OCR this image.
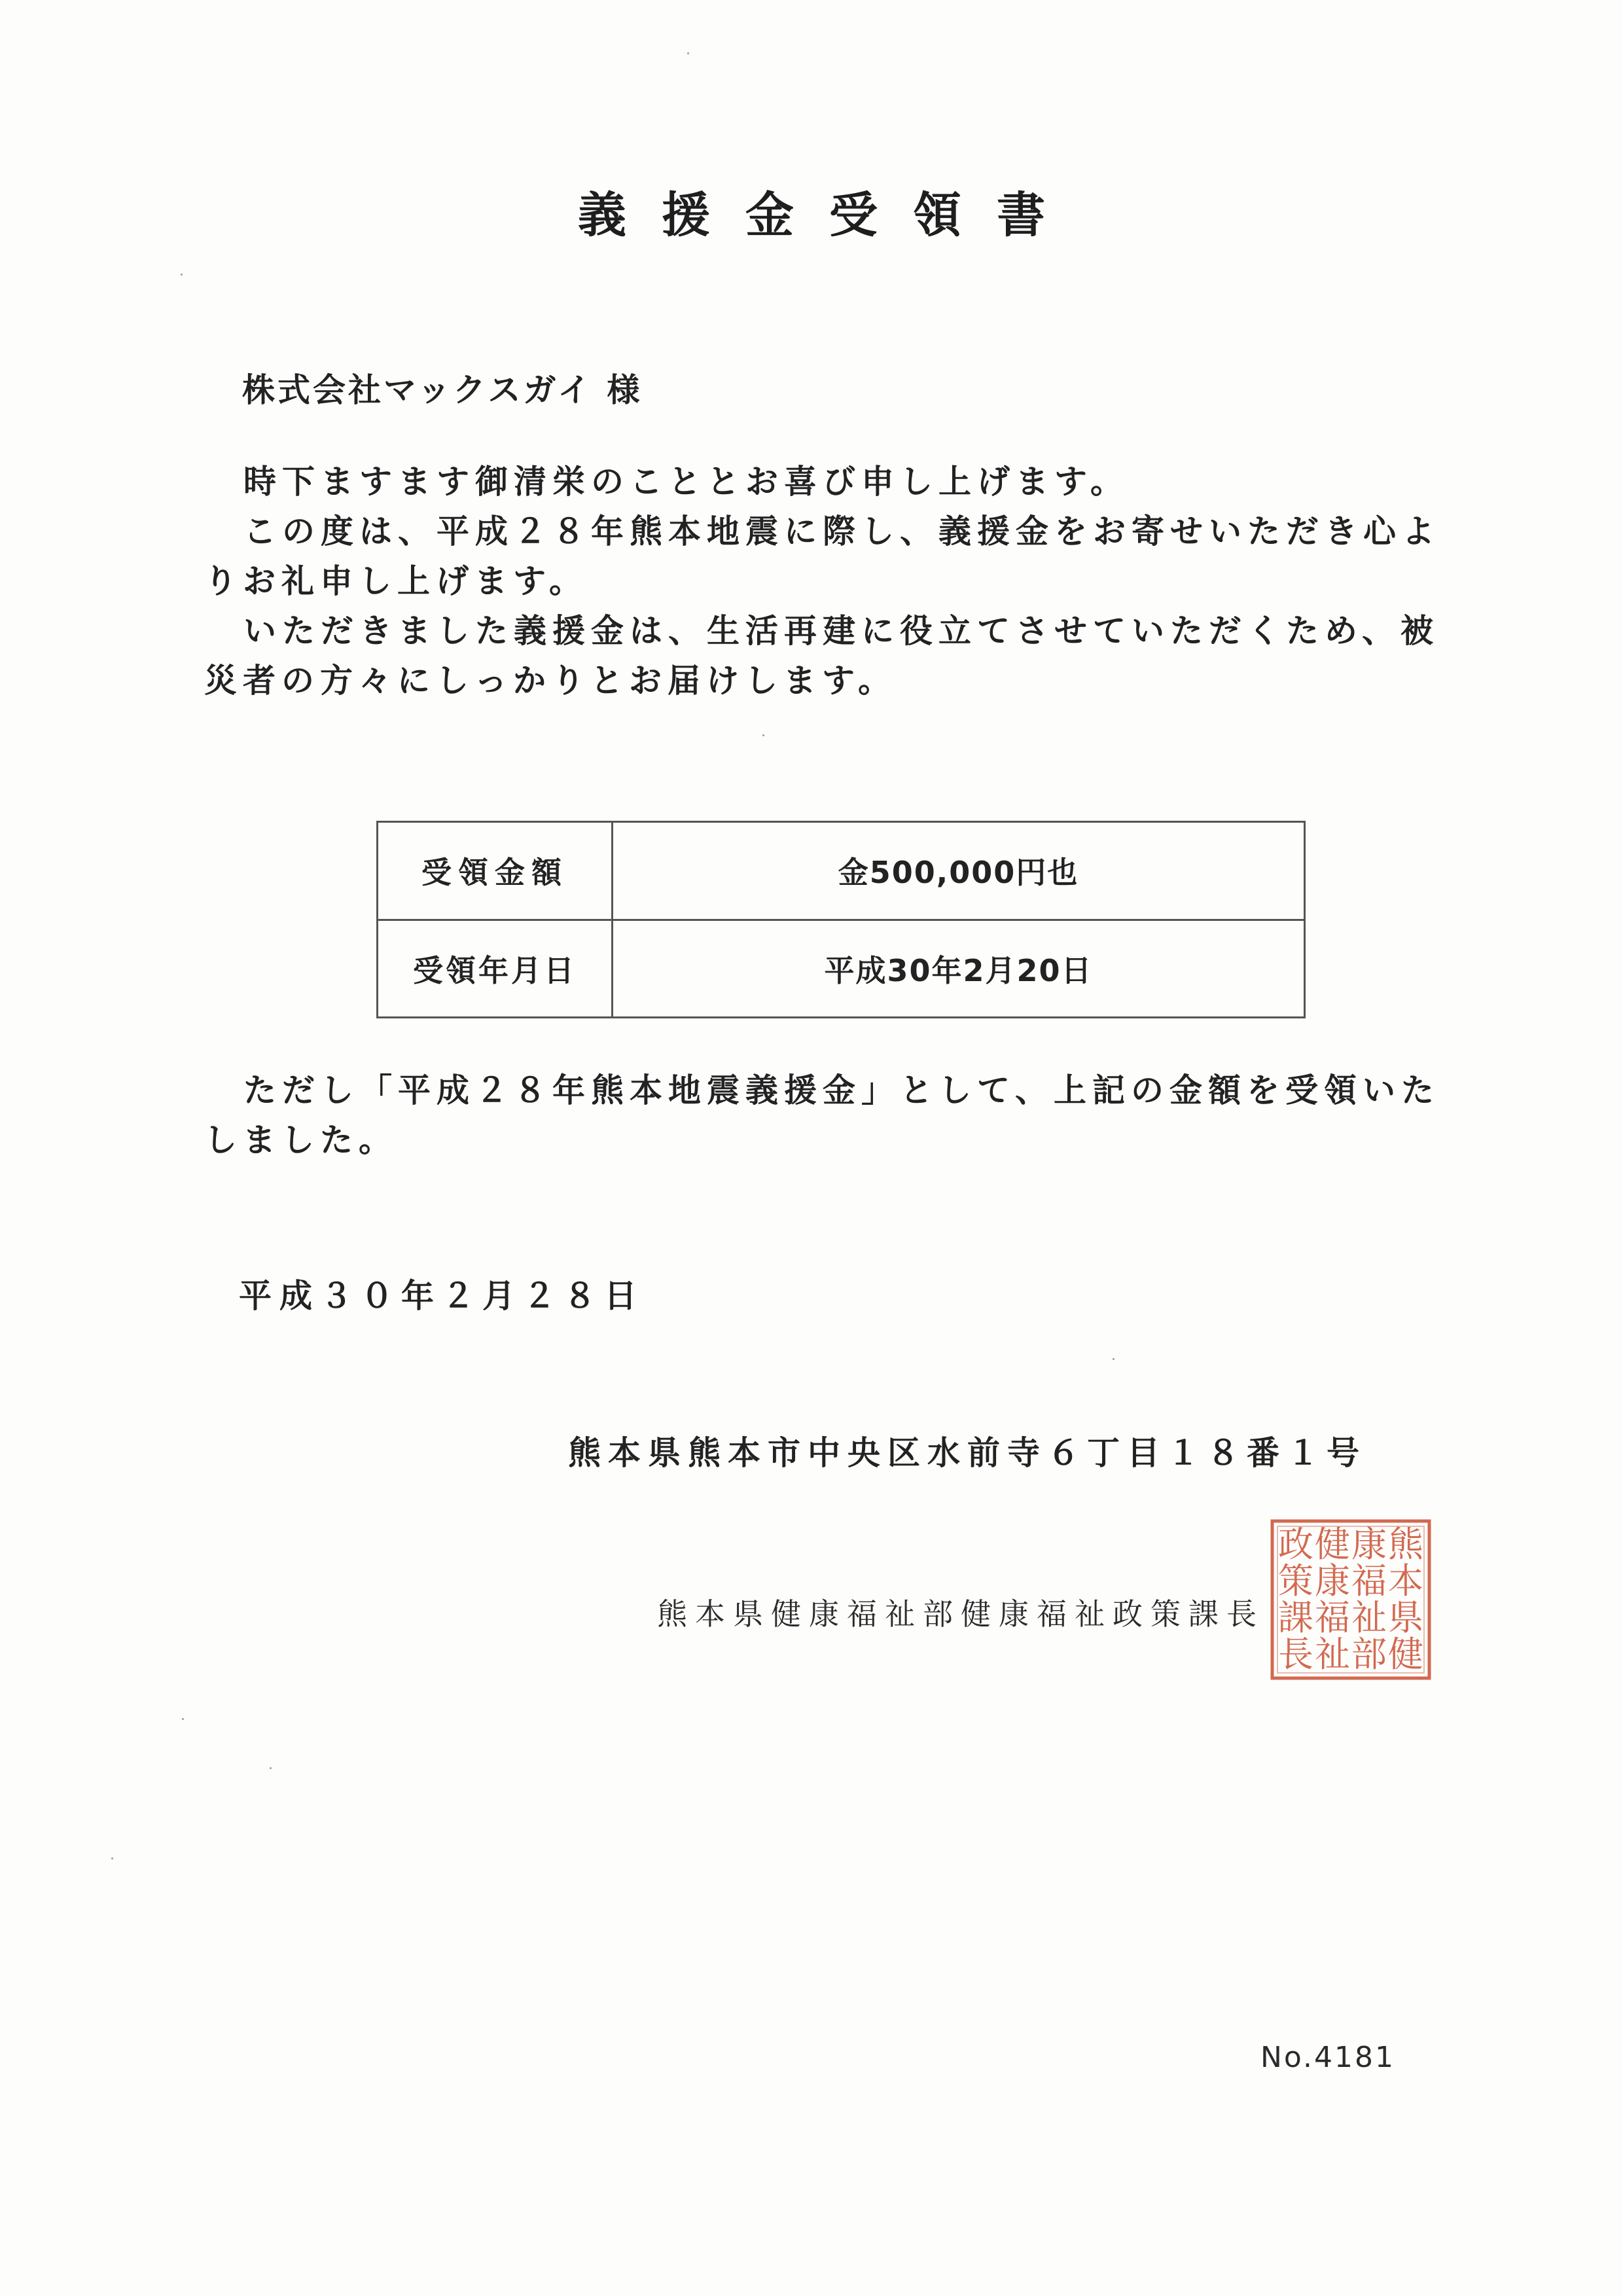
義援金受領書
株式会社マックスガイ 様

時下ますます御清栄のこととお喜び申し上げます。

この度は、平成２８年熊本地震に際し、義援金をお寄せいただき心よりお礼申し上げます。

いただきました義援金は、生活再建に役立てさせていただくため、被災者の方々にしっかりとお届けします。

受領金額	金500,000円也
受領年月日	平成30年2月20日

ただし「平成２８年熊本地震義援金」として、上記の金額を受領いたしました。

平成３０年２月２８日
熊本県熊本市中央区水前寺６丁目１８番１号
熊本県健康福祉部健康福祉政策課長
熊
本
県
健
康
福
祉
部
健
康
福
祉
政
策
課
長
No.4181
